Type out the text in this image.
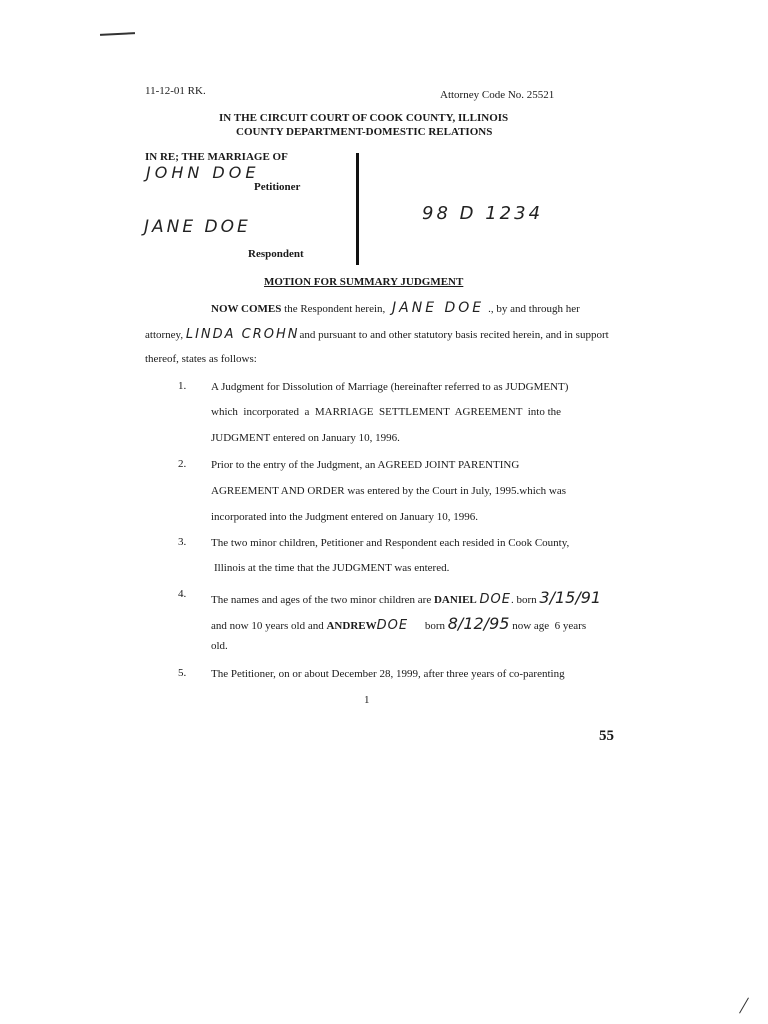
11-12-01 RK.	Attorney Code No. 25521
IN THE CIRCUIT COURT OF COOK COUNTY, ILLINOIS
COUNTY DEPARTMENT-DOMESTIC RELATIONS
IN RE; THE MARRIAGE OF
JOHN DOE
Petitioner
JANE DOE
Respondent
98 D 1234
MOTION FOR SUMMARY JUDGMENT
NOW COMES the Respondent herein, JANE DOE ., by and through her
attorney, LINDA CROHNand pursuant to and other statutory basis recited herein, and in support
thereof, states as follows:
1. A Judgment for Dissolution of Marriage (hereinafter referred to as JUDGMENT)
which  incorporated  a  MARRIAGE  SETTLEMENT  AGREEMENT  into the
JUDGMENT entered on January 10, 1996.
2. Prior to the entry of the Judgment, an AGREED JOINT PARENTING
AGREEMENT AND ORDER was entered by the Court in July, 1995.which was
incorporated into the Judgment entered on January 10, 1996.
3. The two minor children, Petitioner and Respondent each resided in Cook County,
Illinois at the time that the JUDGMENT was entered.
4. The names and ages of the two minor children are DANIEL DOE. born 3/15/91
and now 10 years old and ANDREWDOE born 8/12/95 now age  6 years
old.
5. The Petitioner, on or about December 28, 1999, after three years of co-parenting
1
55
